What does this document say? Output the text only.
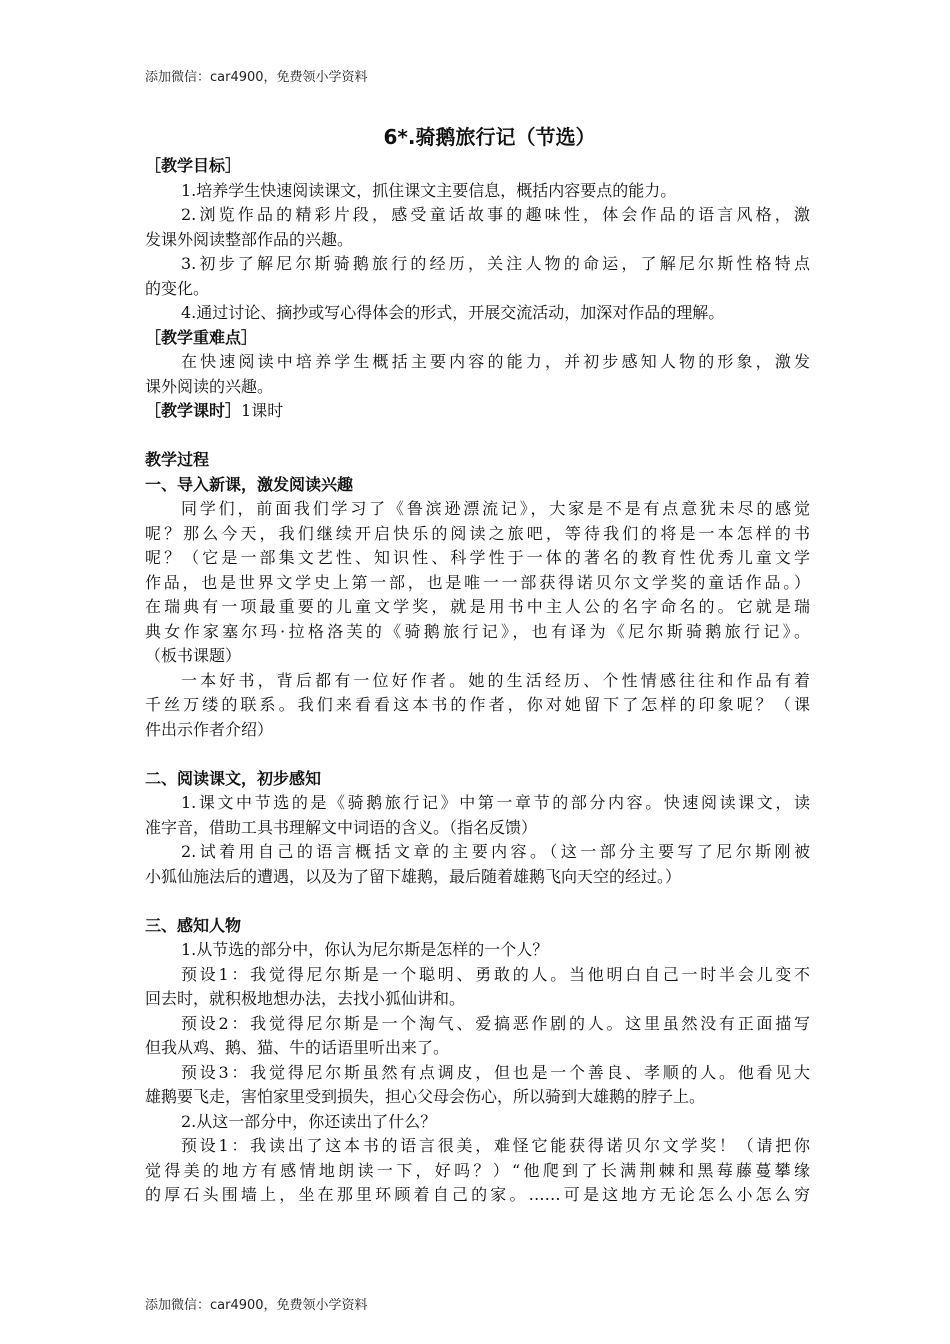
添加微信：car4900，免费领小学资料
6*.骑鹅旅行记（节选）
［教学目标］
1.培养学生快速阅读课文，抓住课文主要信息，概括内容要点的能力。
2.浏览作品的精彩片段，感受童话故事的趣味性，体会作品的语言风格，激
发课外阅读整部作品的兴趣。
3.初步了解尼尔斯骑鹅旅行的经历，关注人物的命运，了解尼尔斯性格特点
的变化。
4.通过讨论、摘抄或写心得体会的形式，开展交流活动，加深对作品的理解。
［教学重难点］
在快速阅读中培养学生概括主要内容的能力，并初步感知人物的形象，激发
课外阅读的兴趣。
［教学课时］1课时
教学过程
一、导入新课，激发阅读兴趣
同学们，前面我们学习了《鲁滨逊漂流记》，大家是不是有点意犹未尽的感觉
呢？那么今天，我们继续开启快乐的阅读之旅吧，等待我们的将是一本怎样的书
呢？（它是一部集文艺性、知识性、科学性于一体的著名的教育性优秀儿童文学
作品，也是世界文学史上第一部，也是唯一一部获得诺贝尔文学奖的童话作品。）
在瑞典有一项最重要的儿童文学奖，就是用书中主人公的名字命名的。它就是瑞
典女作家塞尔玛·拉格洛芙的《骑鹅旅行记》，也有译为《尼尔斯骑鹅旅行记》。
（板书课题）
一本好书，背后都有一位好作者。她的生活经历、个性情感往往和作品有着
千丝万缕的联系。我们来看看这本书的作者，你对她留下了怎样的印象呢？（课
件出示作者介绍）
二、阅读课文，初步感知
1.课文中节选的是《骑鹅旅行记》中第一章节的部分内容。快速阅读课文，读
准字音，借助工具书理解文中词语的含义。（指名反馈）
2.试着用自己的语言概括文章的主要内容。（这一部分主要写了尼尔斯刚被
小狐仙施法后的遭遇，以及为了留下雄鹅，最后随着雄鹅飞向天空的经过。）
三、感知人物
1.从节选的部分中，你认为尼尔斯是怎样的一个人？
预设1：我觉得尼尔斯是一个聪明、勇敢的人。当他明白自己一时半会儿变不
回去时，就积极地想办法，去找小狐仙讲和。
预设2：我觉得尼尔斯是一个淘气、爱搞恶作剧的人。这里虽然没有正面描写
但我从鸡、鹅、猫、牛的话语里听出来了。
预设3：我觉得尼尔斯虽然有点调皮，但也是一个善良、孝顺的人。他看见大
雄鹅要飞走，害怕家里受到损失，担心父母会伤心，所以骑到大雄鹅的脖子上。
2.从这一部分中，你还读出了什么？
预设1：我读出了这本书的语言很美，难怪它能获得诺贝尔文学奖！（请把你
觉得美的地方有感情地朗读一下，好吗？）“他爬到了长满荆棘和黑莓藤蔓攀缘
的厚石头围墙上，坐在那里环顾着自己的家。……可是这地方无论怎么小怎么穷
添加微信：car4900，免费领小学资料
